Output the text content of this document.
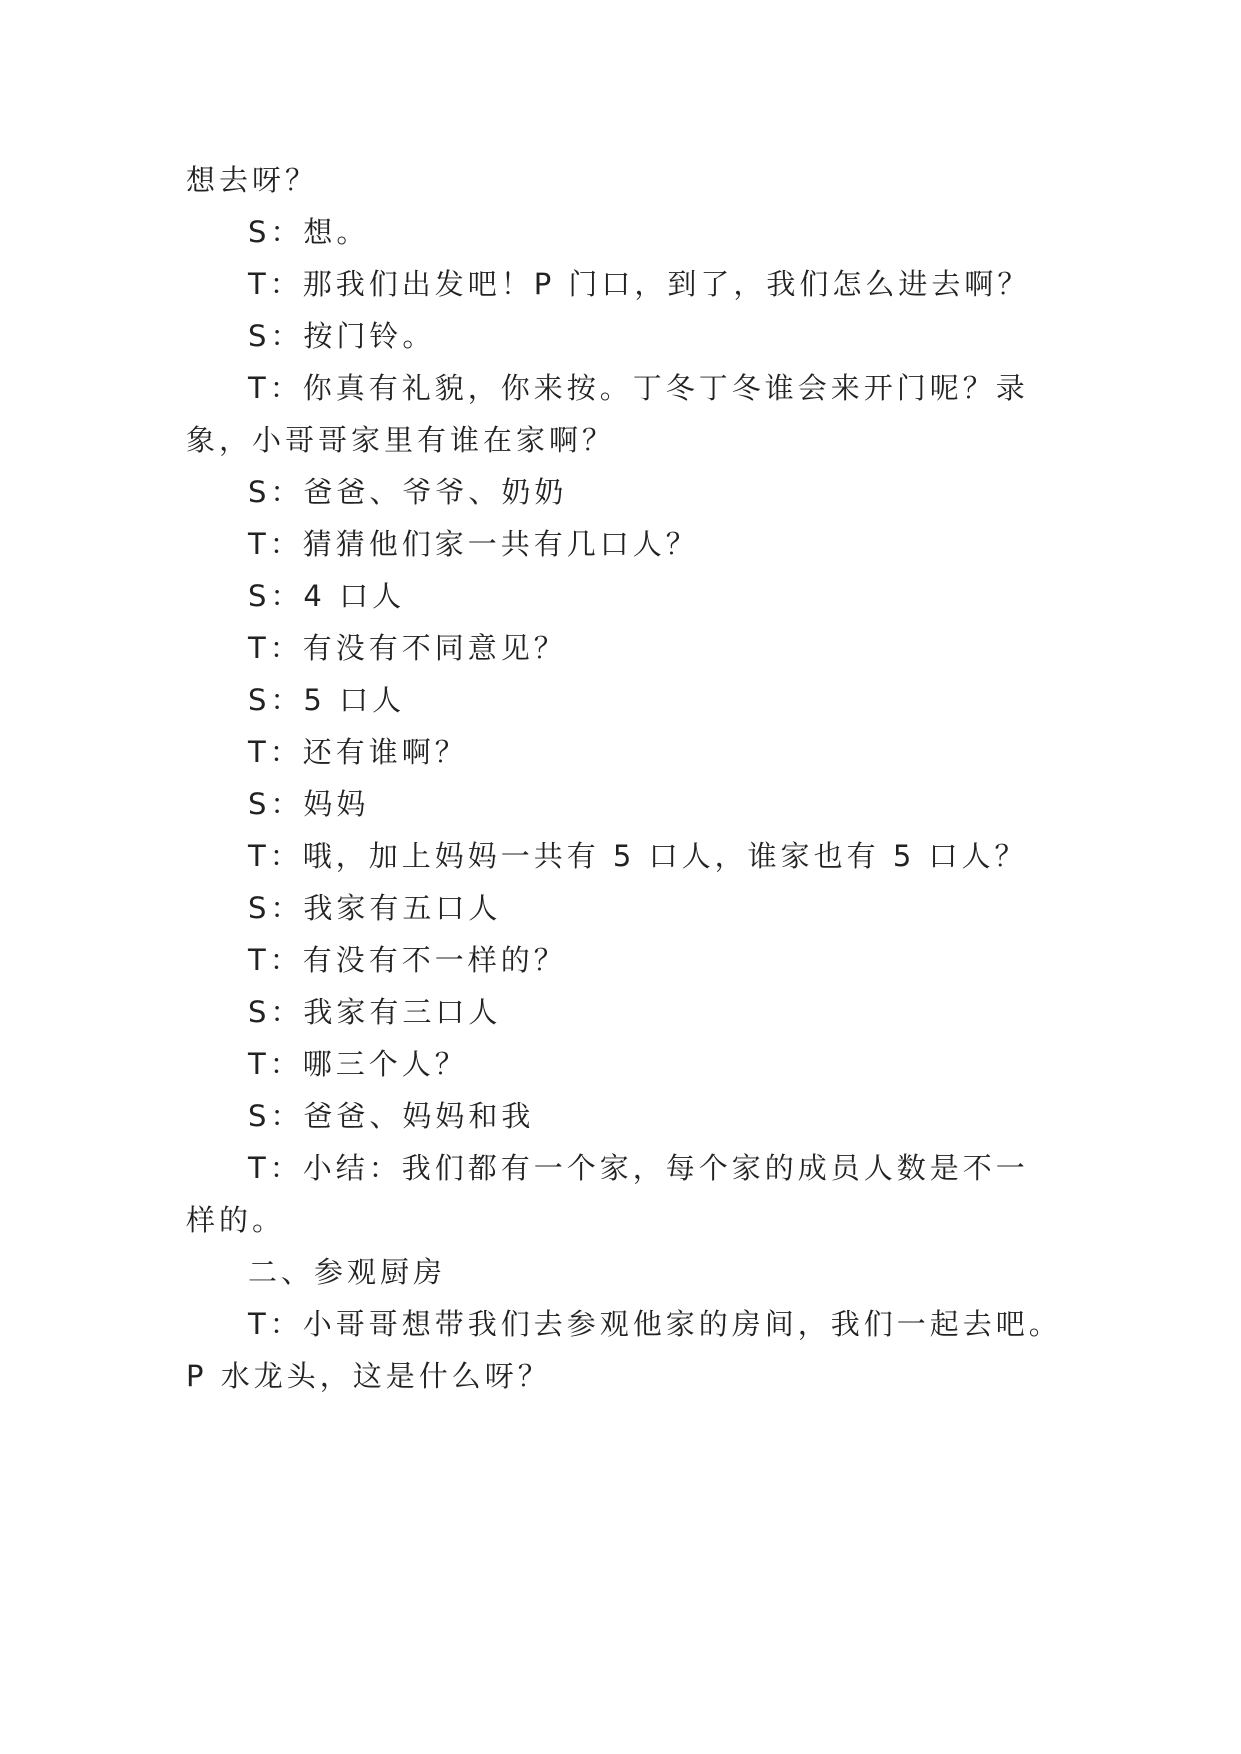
想去呀？
S：想。
T：那我们出发吧！P 门口，到了，我们怎么进去啊？
S：按门铃。
T：你真有礼貌，你来按。丁冬丁冬谁会来开门呢？录
象，小哥哥家里有谁在家啊？
S：爸爸、爷爷、奶奶
T：猜猜他们家一共有几口人？
S：4 口人
T：有没有不同意见？
S：5 口人
T：还有谁啊？
S：妈妈
T：哦，加上妈妈一共有 5 口人，谁家也有 5 口人？
S：我家有五口人
T：有没有不一样的？
S：我家有三口人
T：哪三个人？
S：爸爸、妈妈和我
T：小结：我们都有一个家，每个家的成员人数是不一
样的。
二、参观厨房
T：小哥哥想带我们去参观他家的房间，我们一起去吧。
P 水龙头，这是什么呀？
